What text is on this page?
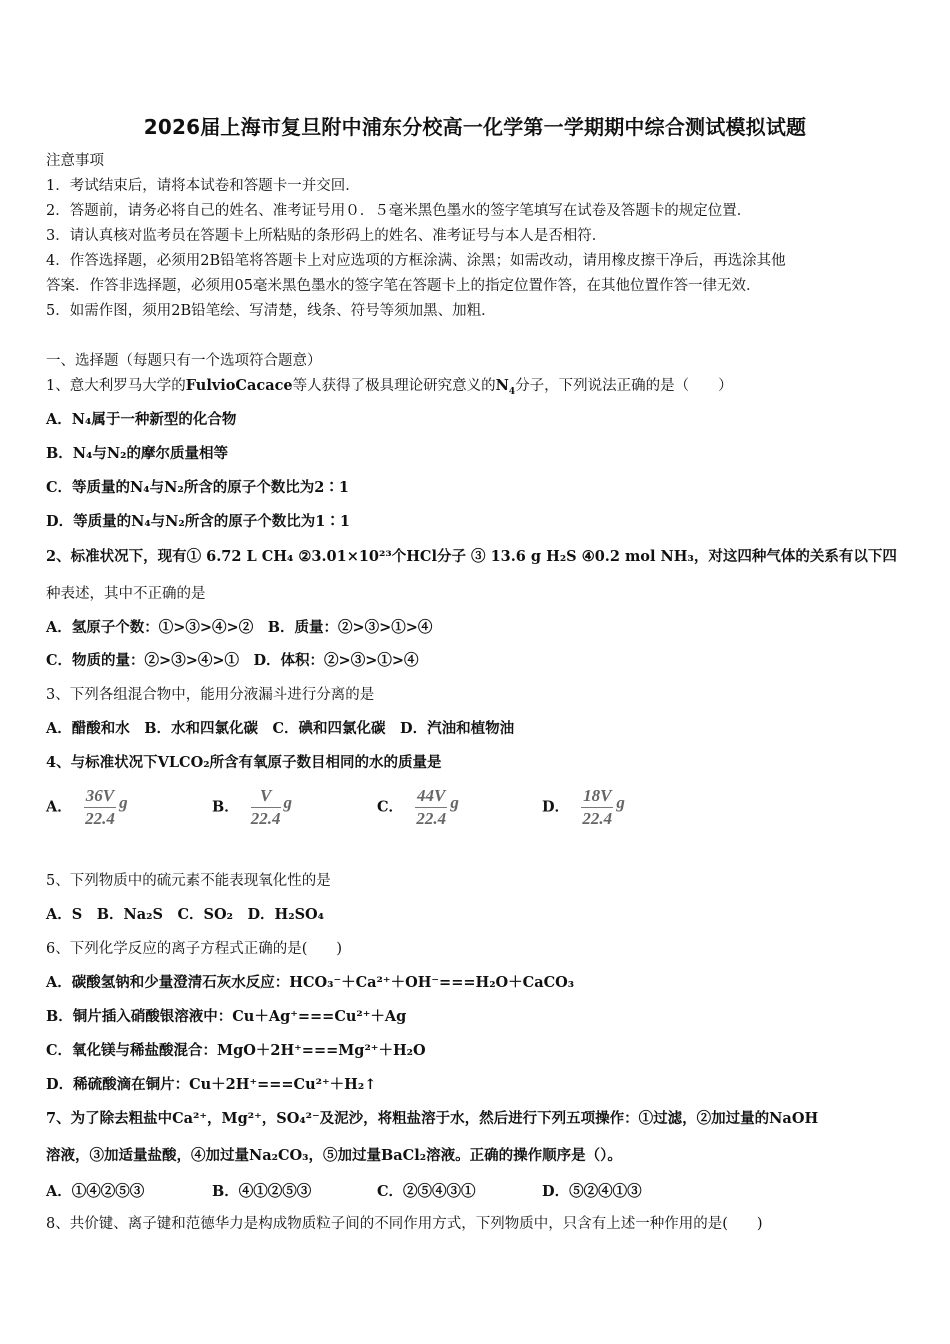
2026届上海市复旦附中浦东分校高一化学第一学期期中综合测试模拟试题
注意事项
1．考试结束后，请将本试卷和答题卡一并交回．
2．答题前，请务必将自己的姓名、准考证号用０．５毫米黑色墨水的签字笔填写在试卷及答题卡的规定位置．
3．请认真核对监考员在答题卡上所粘贴的条形码上的姓名、准考证号与本人是否相符．
4．作答选择题，必须用2B铅笔将答题卡上对应选项的方框涂满、涂黑；如需改动，请用橡皮擦干净后，再选涂其他
答案．作答非选择题，必须用05毫米黑色墨水的签字笔在答题卡上的指定位置作答，在其他位置作答一律无效．
5．如需作图，须用2B铅笔绘、写清楚，线条、符号等须加黑、加粗．
一、选择题（每题只有一个选项符合题意）
1、意大利罗马大学的FulvioCacace等人获得了极具理论研究意义的$N_4$分子，下列说法正确的是（　　）
A．N₄属于一种新型的化合物
B．N₄与N₂的摩尔质量相等
C．等质量的N₄与N₂所含的原子个数比为2∶1
D．等质量的N₄与N₂所含的原子个数比为1∶1
2、标准状况下，现有① 6.72 L CH₄ ②3.01×10²³个HCl分子 ③ 13.6 g H₂S ④0.2 mol NH₃，对这四种气体的关系有以下四
种表述，其中不正确的是
A．氢原子个数：①>③>④>②　B．质量：②>③>①>④
C．物质的量：②>③>④>①　D．体积：②>③>①>④
3、下列各组混合物中，能用分液漏斗进行分离的是
A．醋酸和水　B．水和四氯化碳　C．碘和四氯化碳　D．汽油和植物油
4、与标准状况下VLCO₂所含有氧原子数目相同的水的质量是
A． $\frac{36V}{22.4}$ g	B． $\frac{V}{22.4}$ g	C． $\frac{44V}{22.4}$ g	D． $\frac{18V}{22.4}$ g
5、下列物质中的硫元素不能表现氧化性的是
A．S　B．Na₂S　C．SO₂　D．H₂SO₄
6、下列化学反应的离子方程式正确的是(　　)
A．碳酸氢钠和少量澄清石灰水反应：HCO₃⁻＋Ca²⁺＋OH⁻===H₂O＋CaCO₃
B．铜片插入硝酸银溶液中：Cu＋Ag⁺===Cu²⁺＋Ag
C．氧化镁与稀盐酸混合：MgO＋2H⁺===Mg²⁺＋H₂O
D．稀硫酸滴在铜片：Cu＋2H⁺===Cu²⁺＋H₂↑
7、为了除去粗盐中Ca²⁺，Mg²⁺，SO₄²⁻及泥沙，将粗盐溶于水，然后进行下列五项操作：①过滤，②加过量的NaOH
溶液，③加适量盐酸，④加过量Na₂CO₃，⑤加过量BaCl₂溶液。正确的操作顺序是（）。
A．①④②⑤③	B．④①②⑤③	C．②⑤④③①	D．⑤②④①③
8、共价键、离子键和范德华力是构成物质粒子间的不同作用方式，下列物质中，只含有上述一种作用的是(　　)
